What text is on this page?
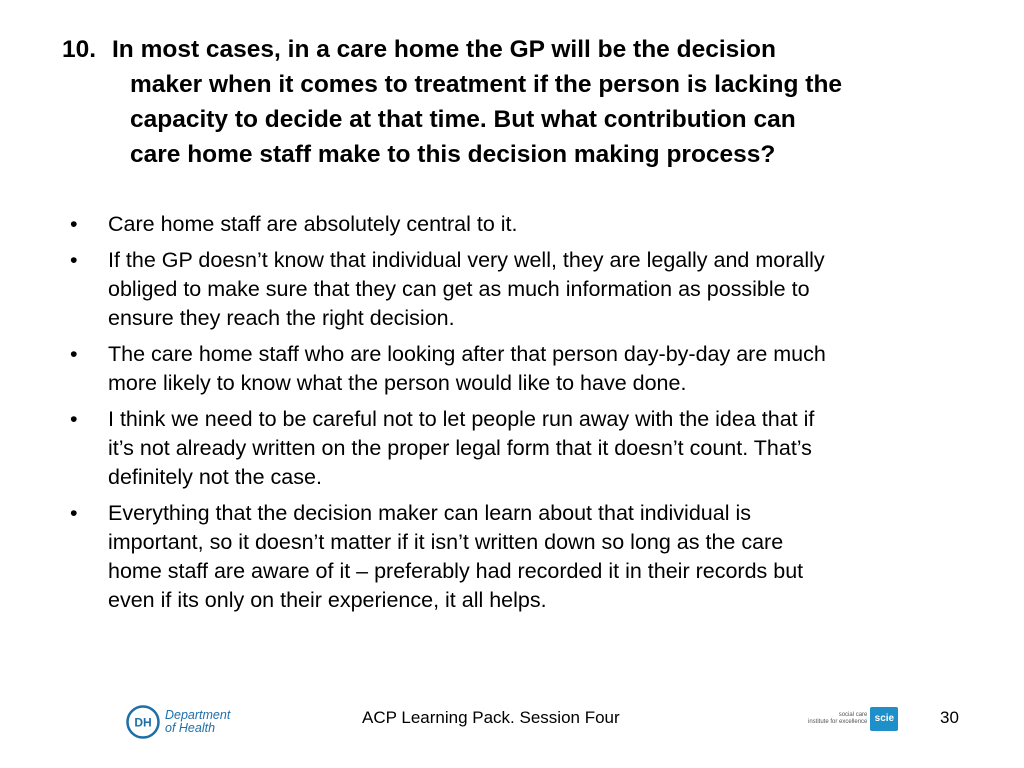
10. In most cases, in a care home the GP will be the decision
maker when it comes to treatment if the person is lacking the
capacity to decide at that time. But what contribution can
care home staff make to this decision making process?
• Care home staff are absolutely central to it.
• If the GP doesn’t know that individual very well, they are legally and morally
obliged to make sure that they can get as much information as possible to
ensure they reach the right decision.
• The care home staff who are looking after that person day-by-day are much
more likely to know what the person would like to have done.
• I think we need to be careful not to let people run away with the idea that if
it’s not already written on the proper legal form that it doesn’t count. That’s
definitely not the case.
• Everything that the decision maker can learn about that individual is
important, so it doesn’t matter if it isn’t written down so long as the care
home staff are aware of it – preferably had recorded it in their records but
even if its only on their experience, it all helps.
DH
Department
of Health
ACP Learning Pack. Session Four	social care
institute for excellence scie	30
